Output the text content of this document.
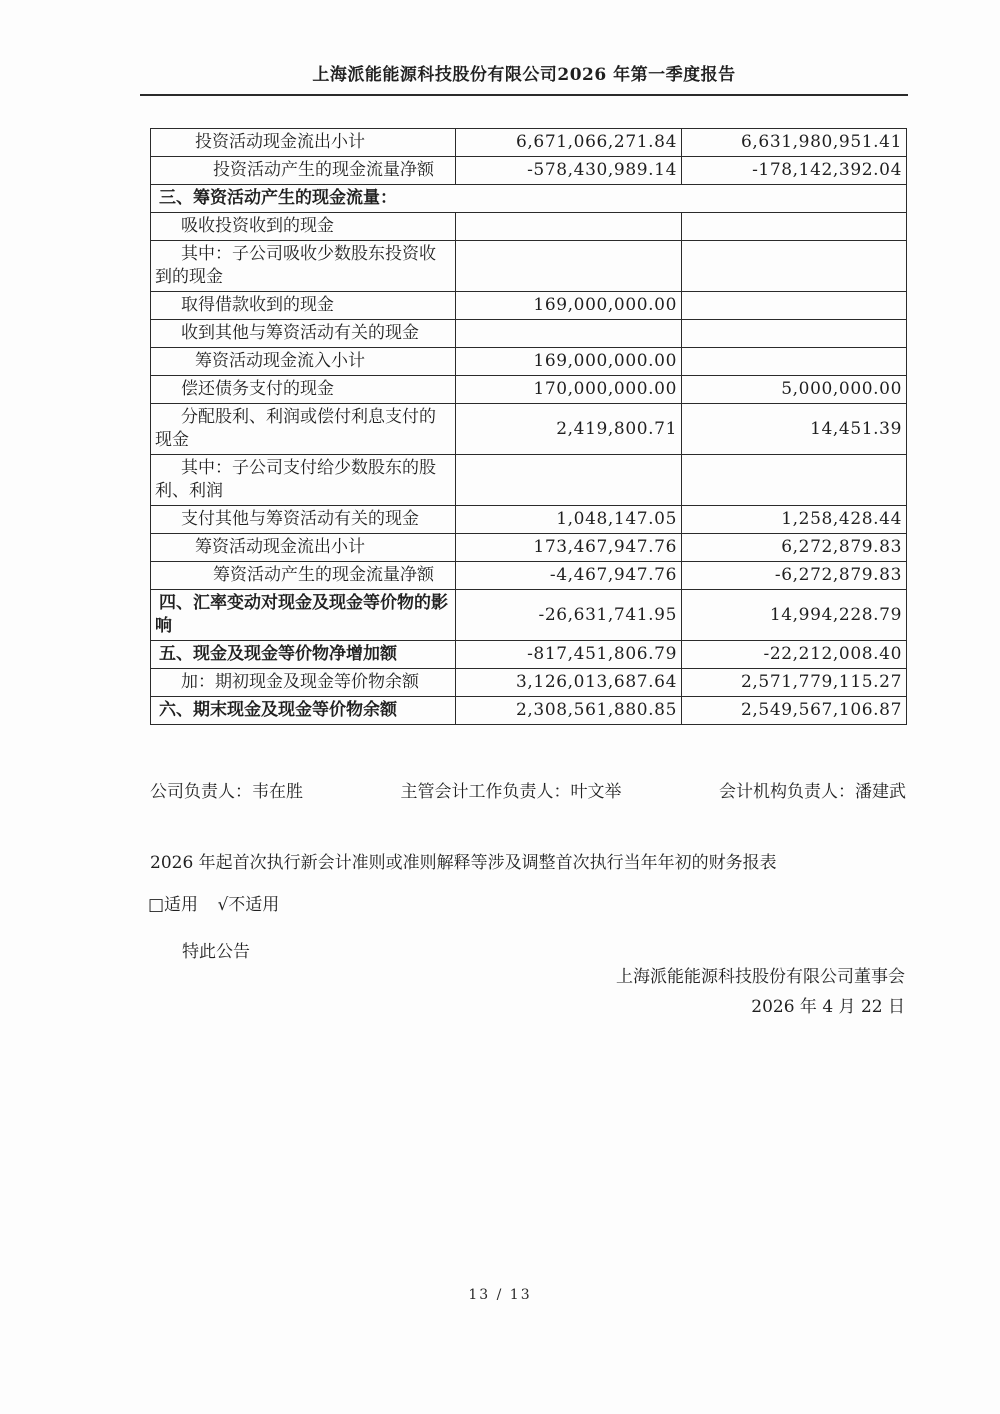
上海派能能源科技股份有限公司2026 年第一季度报告
投资活动现金流出小计	6,671,066,271.84	6,631,980,951.41
投资活动产生的现金流量净额	-578,430,989.14	-178,142,392.04
三、筹资活动产生的现金流量：		
吸收投资收到的现金		
其中：子公司吸收少数股东投资收到的现金		
取得借款收到的现金	169,000,000.00	
收到其他与筹资活动有关的现金		
筹资活动现金流入小计	169,000,000.00	
偿还债务支付的现金	170,000,000.00	5,000,000.00
分配股利、利润或偿付利息支付的现金	2,419,800.71	14,451.39
其中：子公司支付给少数股东的股利、利润		
支付其他与筹资活动有关的现金	1,048,147.05	1,258,428.44
筹资活动现金流出小计	173,467,947.76	6,272,879.83
筹资活动产生的现金流量净额	-4,467,947.76	-6,272,879.83
四、汇率变动对现金及现金等价物的影响	-26,631,741.95	14,994,228.79
五、现金及现金等价物净增加额	-817,451,806.79	-22,212,008.40
加：期初现金及现金等价物余额	3,126,013,687.64	2,571,779,115.27
六、期末现金及现金等价物余额	2,308,561,880.85	2,549,567,106.87
公司负责人：韦在胜	主管会计工作负责人：叶文举	会计机构负责人：潘建武

2026 年起首次执行新会计准则或准则解释等涉及调整首次执行当年年初的财务报表

□适用 √不适用

特此公告

上海派能能源科技股份有限公司董事会
2026 年 4 月 22 日
13 / 13
